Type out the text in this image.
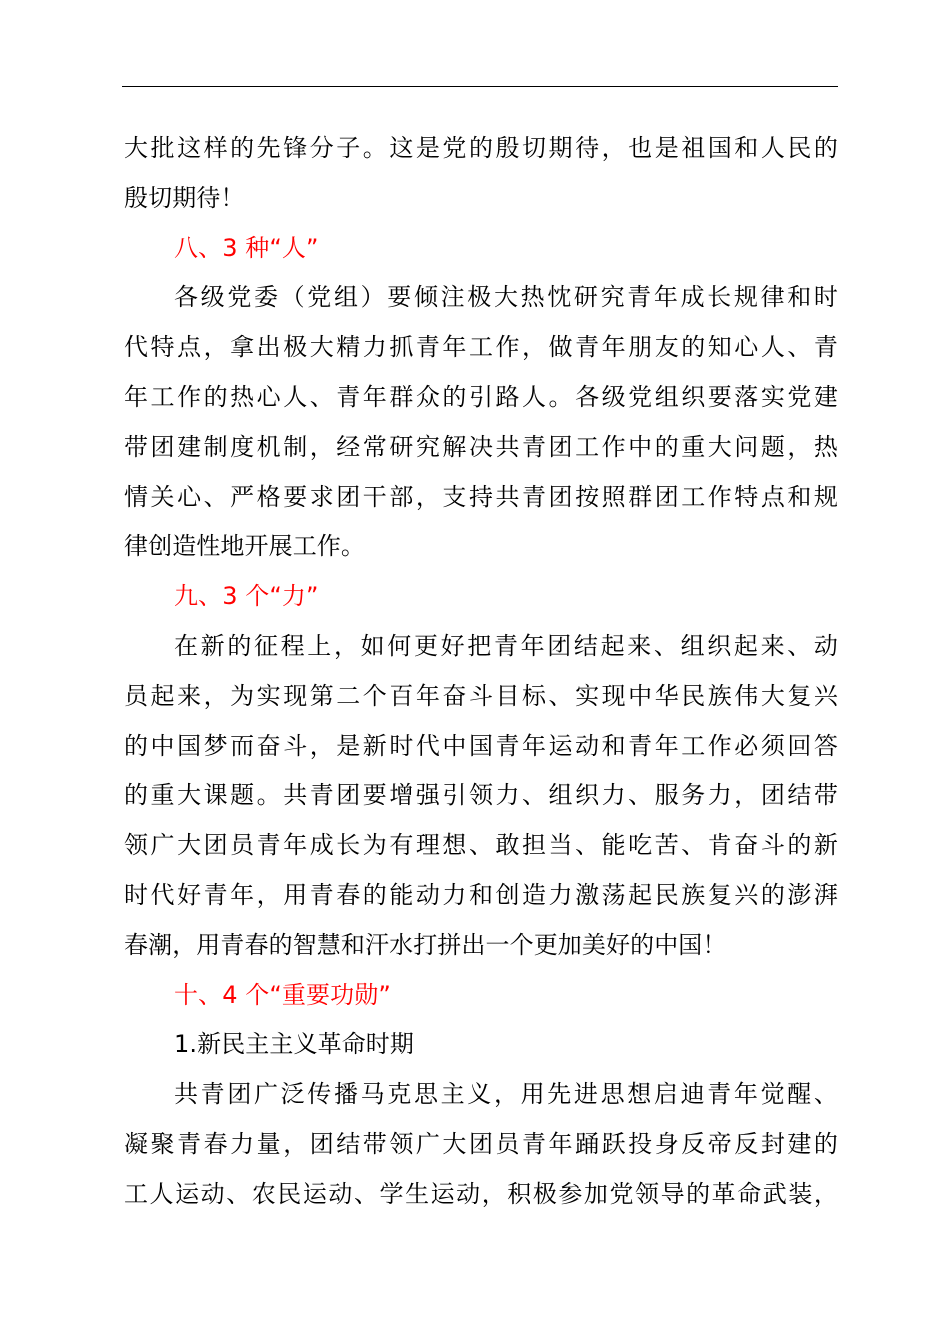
大批这样的先锋分子。这是党的殷切期待，也是祖国和人民的
殷切期待！
八、3 种“人”
各级党委（党组）要倾注极大热忱研究青年成长规律和时
代特点，拿出极大精力抓青年工作，做青年朋友的知心人、青
年工作的热心人、青年群众的引路人。各级党组织要落实党建
带团建制度机制，经常研究解决共青团工作中的重大问题，热
情关心、严格要求团干部，支持共青团按照群团工作特点和规
律创造性地开展工作。
九、3 个“力”
在新的征程上，如何更好把青年团结起来、组织起来、动
员起来，为实现第二个百年奋斗目标、实现中华民族伟大复兴
的中国梦而奋斗，是新时代中国青年运动和青年工作必须回答
的重大课题。共青团要增强引领力、组织力、服务力，团结带
领广大团员青年成长为有理想、敢担当、能吃苦、肯奋斗的新
时代好青年，用青春的能动力和创造力激荡起民族复兴的澎湃
春潮，用青春的智慧和汗水打拼出一个更加美好的中国！
十、4 个“重要功勋”
1.新民主主义革命时期
共青团广泛传播马克思主义，用先进思想启迪青年觉醒、
凝聚青春力量，团结带领广大团员青年踊跃投身反帝反封建的
工人运动、农民运动、学生运动，积极参加党领导的革命武装，
